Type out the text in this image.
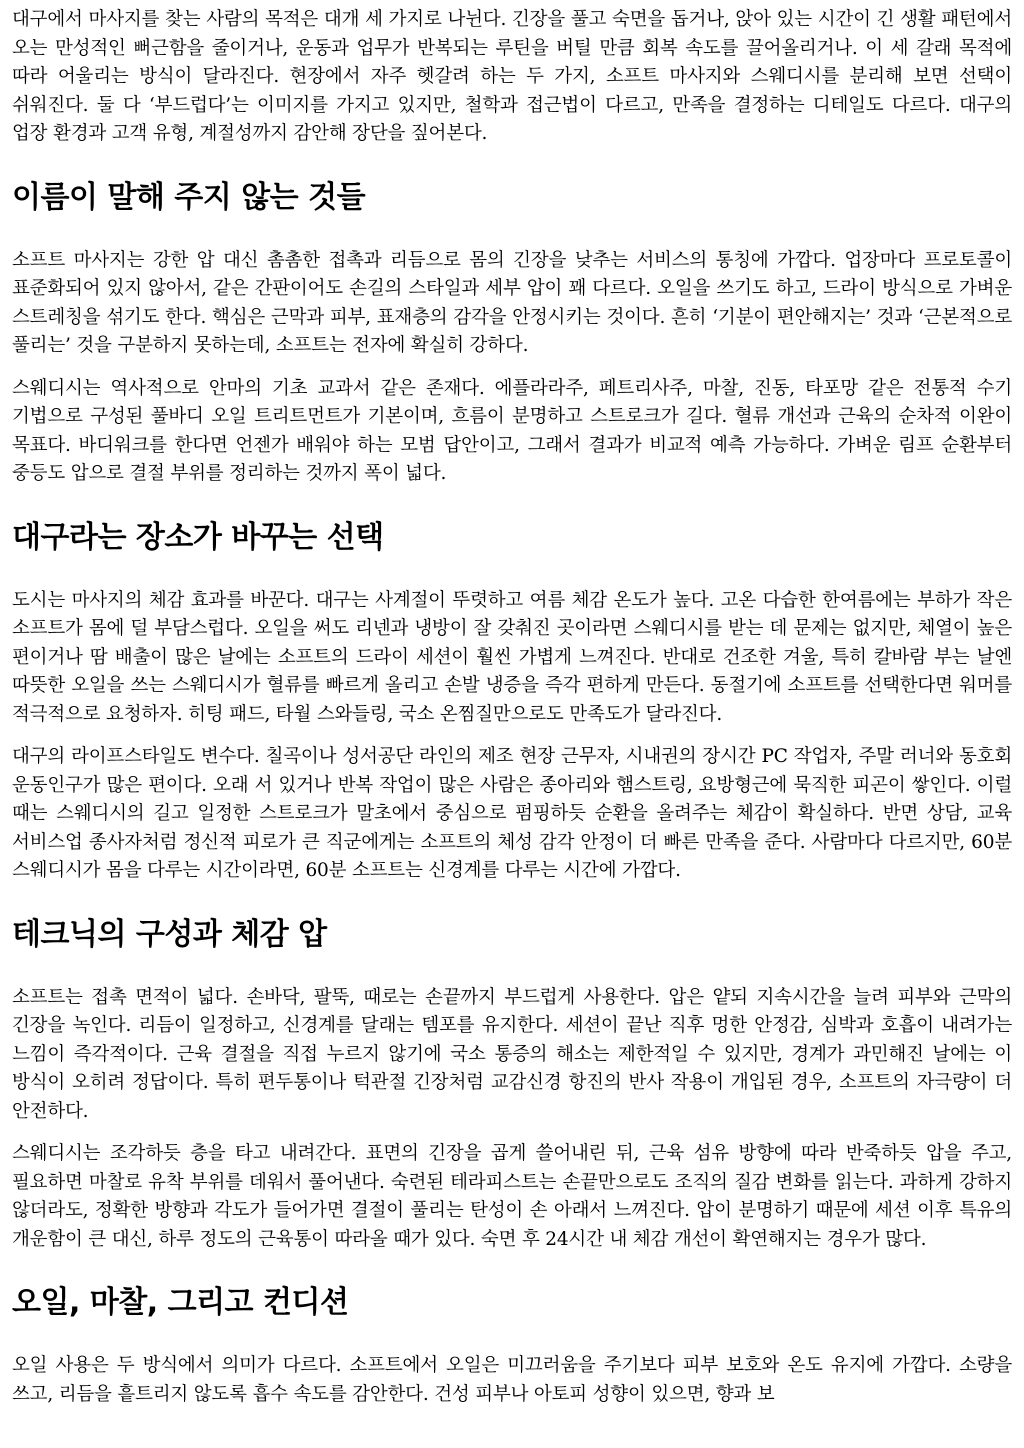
대구에서 마사지를 찾는 사람의 목적은 대개 세 가지로 나뉜다. 긴장을 풀고 숙면을 돕거나, 앉아 있는 시간이 긴 생활 패턴에서 오는 만성적인 뻐근함을 줄이거나, 운동과 업무가 반복되는 루틴을 버틸 만큼 회복 속도를 끌어올리거나. 이 세 갈래 목적에 따라 어울리는 방식이 달라진다. 현장에서 자주 헷갈려 하는 두 가지, 소프트 마사지와 스웨디시를 분리해 보면 선택이 쉬워진다. 둘 다 ‘부드럽다’는 이미지를 가지고 있지만, 철학과 접근법이 다르고, 만족을 결정하는 디테일도 다르다. 대구의 업장 환경과 고객 유형, 계절성까지 감안해 장단을 짚어본다.

이름이 말해 주지 않는 것들

소프트 마사지는 강한 압 대신 촘촘한 접촉과 리듬으로 몸의 긴장을 낮추는 서비스의 통칭에 가깝다. 업장마다 프로토콜이 표준화되어 있지 않아서, 같은 간판이어도 손길의 스타일과 세부 압이 꽤 다르다. 오일을 쓰기도 하고, 드라이 방식으로 가벼운 스트레칭을 섞기도 한다. 핵심은 근막과 피부, 표재층의 감각을 안정시키는 것이다. 흔히 ‘기분이 편안해지는’ 것과 ‘근본적으로 풀리는’ 것을 구분하지 못하는데, 소프트는 전자에 확실히 강하다.

스웨디시는 역사적으로 안마의 기초 교과서 같은 존재다. 에플라라주, 페트리사주, 마찰, 진동, 타포망 같은 전통적 수기 기법으로 구성된 풀바디 오일 트리트먼트가 기본이며, 흐름이 분명하고 스트로크가 길다. 혈류 개선과 근육의 순차적 이완이 목표다. 바디워크를 한다면 언젠가 배워야 하는 모범 답안이고, 그래서 결과가 비교적 예측 가능하다. 가벼운 림프 순환부터 중등도 압으로 결절 부위를 정리하는 것까지 폭이 넓다.

대구라는 장소가 바꾸는 선택

도시는 마사지의 체감 효과를 바꾼다. 대구는 사계절이 뚜렷하고 여름 체감 온도가 높다. 고온 다습한 한여름에는 부하가 작은 소프트가 몸에 덜 부담스럽다. 오일을 써도 리넨과 냉방이 잘 갖춰진 곳이라면 스웨디시를 받는 데 문제는 없지만, 체열이 높은 편이거나 땀 배출이 많은 날에는 소프트의 드라이 세션이 훨씬 가볍게 느껴진다. 반대로 건조한 겨울, 특히 칼바람 부는 날엔 따뜻한 오일을 쓰는 스웨디시가 혈류를 빠르게 올리고 손발 냉증을 즉각 편하게 만든다. 동절기에 소프트를 선택한다면 워머를 적극적으로 요청하자. 히팅 패드, 타월 스와들링, 국소 온찜질만으로도 만족도가 달라진다.

대구의 라이프스타일도 변수다. 칠곡이나 성서공단 라인의 제조 현장 근무자, 시내권의 장시간 PC 작업자, 주말 러너와 동호회 운동인구가 많은 편이다. 오래 서 있거나 반복 작업이 많은 사람은 종아리와 햄스트링, 요방형근에 묵직한 피곤이 쌓인다. 이럴 때는 스웨디시의 길고 일정한 스트로크가 말초에서 중심으로 펌핑하듯 순환을 올려주는 체감이 확실하다. 반면 상담, 교육 서비스업 종사자처럼 정신적 피로가 큰 직군에게는 소프트의 체성 감각 안정이 더 빠른 만족을 준다. 사람마다 다르지만, 60분 스웨디시가 몸을 다루는 시간이라면, 60분 소프트는 신경계를 다루는 시간에 가깝다.

테크닉의 구성과 체감 압

소프트는 접촉 면적이 넓다. 손바닥, 팔뚝, 때로는 손끝까지 부드럽게 사용한다. 압은 얕되 지속시간을 늘려 피부와 근막의 긴장을 녹인다. 리듬이 일정하고, 신경계를 달래는 템포를 유지한다. 세션이 끝난 직후 멍한 안정감, 심박과 호흡이 내려가는 느낌이 즉각적이다. 근육 결절을 직접 누르지 않기에 국소 통증의 해소는 제한적일 수 있지만, 경계가 과민해진 날에는 이 방식이 오히려 정답이다. 특히 편두통이나 턱관절 긴장처럼 교감신경 항진의 반사 작용이 개입된 경우, 소프트의 자극량이 더 안전하다.

스웨디시는 조각하듯 층을 타고 내려간다. 표면의 긴장을 곱게 쓸어내린 뒤, 근육 섬유 방향에 따라 반죽하듯 압을 주고, 필요하면 마찰로 유착 부위를 데워서 풀어낸다. 숙련된 테라피스트는 손끝만으로도 조직의 질감 변화를 읽는다. 과하게 강하지 않더라도, 정확한 방향과 각도가 들어가면 결절이 풀리는 탄성이 손 아래서 느껴진다. 압이 분명하기 때문에 세션 이후 특유의 개운함이 큰 대신, 하루 정도의 근육통이 따라올 때가 있다. 숙면 후 24시간 내 체감 개선이 확연해지는 경우가 많다.

오일, 마찰, 그리고 컨디션

오일 사용은 두 방식에서 의미가 다르다. 소프트에서 오일은 미끄러움을 주기보다 피부 보호와 온도 유지에 가깝다. 소량을 쓰고, 리듬을 흩트리지 않도록 흡수 속도를 감안한다. 건성 피부나 아토피 성향이 있으면, 향과 보
